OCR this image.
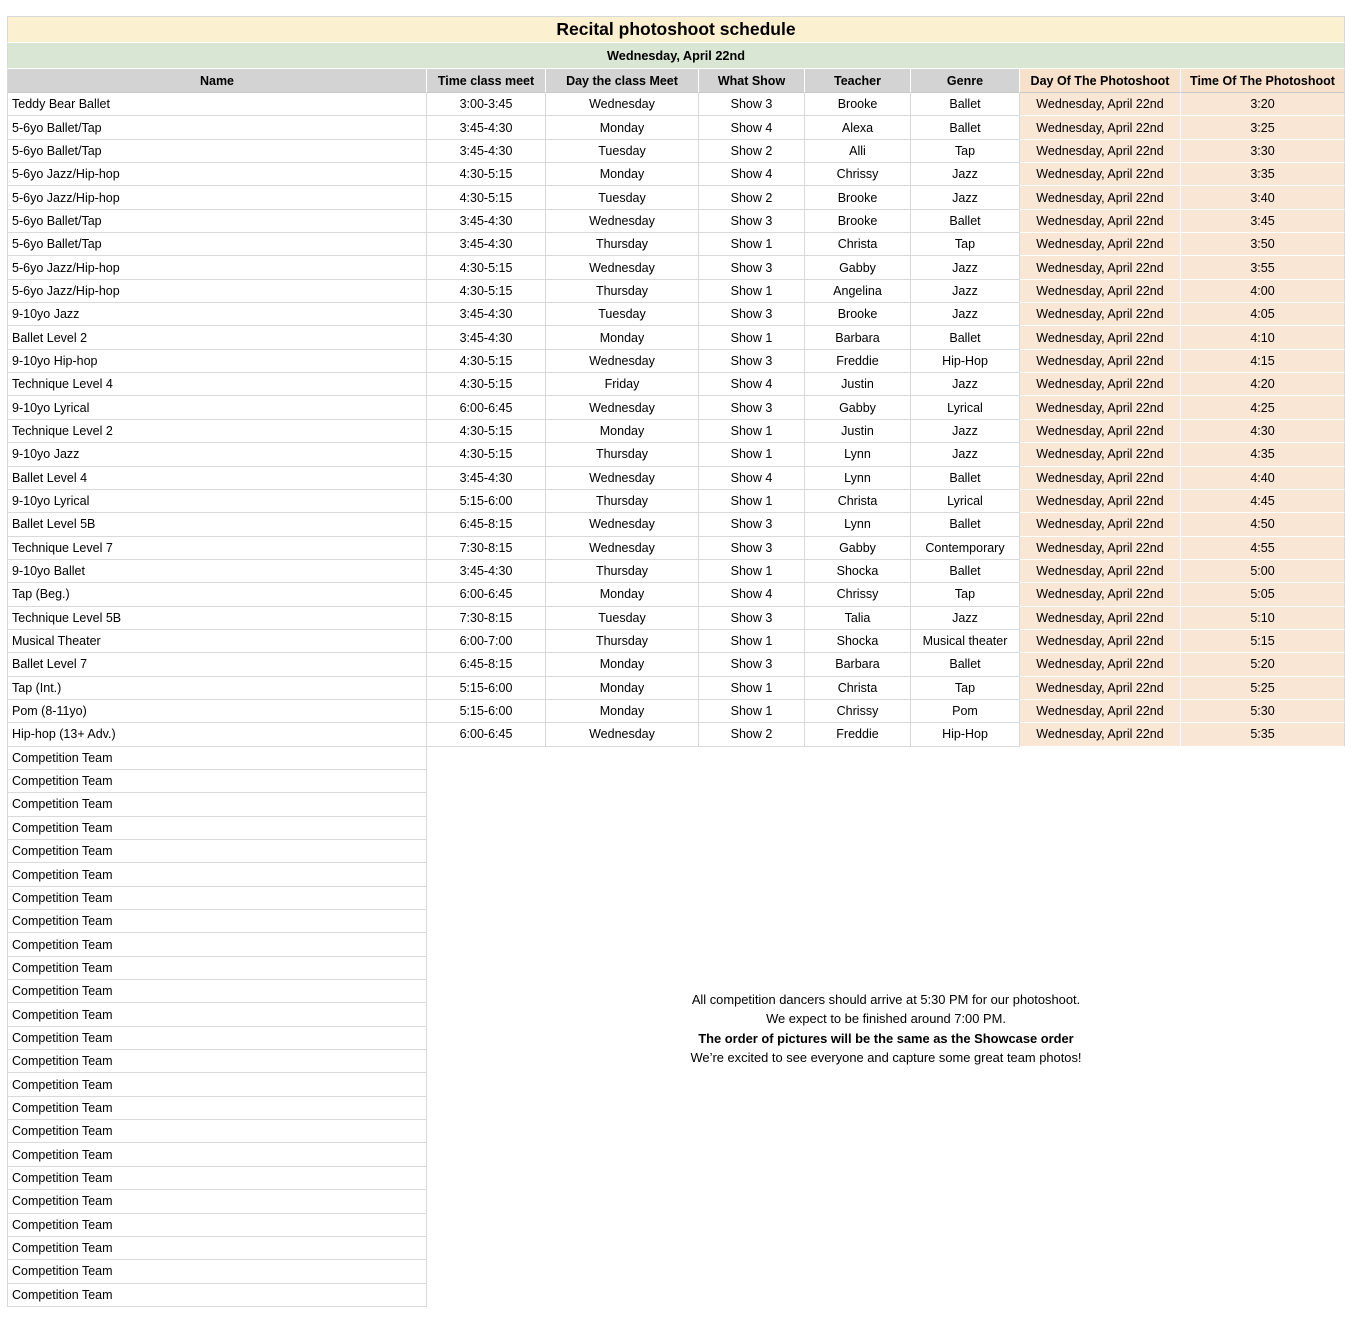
Recital photoshoot schedule
Wednesday, April 22nd
Name	Time class meet	Day the class Meet	What Show	Teacher	Genre	Day Of The Photoshoot	Time Of The Photoshoot
Teddy Bear Ballet	3:00-3:45	Wednesday	Show 3	Brooke	Ballet	Wednesday, April 22nd	3:20
5-6yo Ballet/Tap	3:45-4:30	Monday	Show 4	Alexa	Ballet	Wednesday, April 22nd	3:25
5-6yo Ballet/Tap	3:45-4:30	Tuesday	Show 2	Alli	Tap	Wednesday, April 22nd	3:30
5-6yo Jazz/Hip-hop	4:30-5:15	Monday	Show 4	Chrissy	Jazz	Wednesday, April 22nd	3:35
5-6yo Jazz/Hip-hop	4:30-5:15	Tuesday	Show 2	Brooke	Jazz	Wednesday, April 22nd	3:40
5-6yo Ballet/Tap	3:45-4:30	Wednesday	Show 3	Brooke	Ballet	Wednesday, April 22nd	3:45
5-6yo Ballet/Tap	3:45-4:30	Thursday	Show 1	Christa	Tap	Wednesday, April 22nd	3:50
5-6yo Jazz/Hip-hop	4:30-5:15	Wednesday	Show 3	Gabby	Jazz	Wednesday, April 22nd	3:55
5-6yo Jazz/Hip-hop	4:30-5:15	Thursday	Show 1	Angelina	Jazz	Wednesday, April 22nd	4:00
9-10yo Jazz	3:45-4:30	Tuesday	Show 3	Brooke	Jazz	Wednesday, April 22nd	4:05
Ballet Level 2	3:45-4:30	Monday	Show 1	Barbara	Ballet	Wednesday, April 22nd	4:10
9-10yo Hip-hop	4:30-5:15	Wednesday	Show 3	Freddie	Hip-Hop	Wednesday, April 22nd	4:15
Technique Level 4	4:30-5:15	Friday	Show 4	Justin	Jazz	Wednesday, April 22nd	4:20
9-10yo Lyrical	6:00-6:45	Wednesday	Show 3	Gabby	Lyrical	Wednesday, April 22nd	4:25
Technique Level 2	4:30-5:15	Monday	Show 1	Justin	Jazz	Wednesday, April 22nd	4:30
9-10yo Jazz	4:30-5:15	Thursday	Show 1	Lynn	Jazz	Wednesday, April 22nd	4:35
Ballet Level 4	3:45-4:30	Wednesday	Show 4	Lynn	Ballet	Wednesday, April 22nd	4:40
9-10yo Lyrical	5:15-6:00	Thursday	Show 1	Christa	Lyrical	Wednesday, April 22nd	4:45
Ballet Level 5B	6:45-8:15	Wednesday	Show 3	Lynn	Ballet	Wednesday, April 22nd	4:50
Technique Level 7	7:30-8:15	Wednesday	Show 3	Gabby	Contemporary	Wednesday, April 22nd	4:55
9-10yo Ballet	3:45-4:30	Thursday	Show 1	Shocka	Ballet	Wednesday, April 22nd	5:00
Tap (Beg.)	6:00-6:45	Monday	Show 4	Chrissy	Tap	Wednesday, April 22nd	5:05
Technique Level 5B	7:30-8:15	Tuesday	Show 3	Talia	Jazz	Wednesday, April 22nd	5:10
Musical Theater	6:00-7:00	Thursday	Show 1	Shocka	Musical theater	Wednesday, April 22nd	5:15
Ballet Level 7	6:45-8:15	Monday	Show 3	Barbara	Ballet	Wednesday, April 22nd	5:20
Tap (Int.)	5:15-6:00	Monday	Show 1	Christa	Tap	Wednesday, April 22nd	5:25
Pom (8-11yo)	5:15-6:00	Monday	Show 1	Chrissy	Pom	Wednesday, April 22nd	5:30
Hip-hop (13+ Adv.)	6:00-6:45	Wednesday	Show 2	Freddie	Hip-Hop	Wednesday, April 22nd	5:35
Competition Team
Competition Team
Competition Team
Competition Team
Competition Team
Competition Team
Competition Team
Competition Team
Competition Team
Competition Team
Competition Team
Competition Team
Competition Team
Competition Team
Competition Team
Competition Team
Competition Team
Competition Team
Competition Team
Competition Team
Competition Team
Competition Team
Competition Team
Competition Team
All competition dancers should arrive at 5:30 PM for our photoshoot.
We expect to be finished around 7:00 PM.
The order of pictures will be the same as the Showcase order
We’re excited to see everyone and capture some great team photos!
